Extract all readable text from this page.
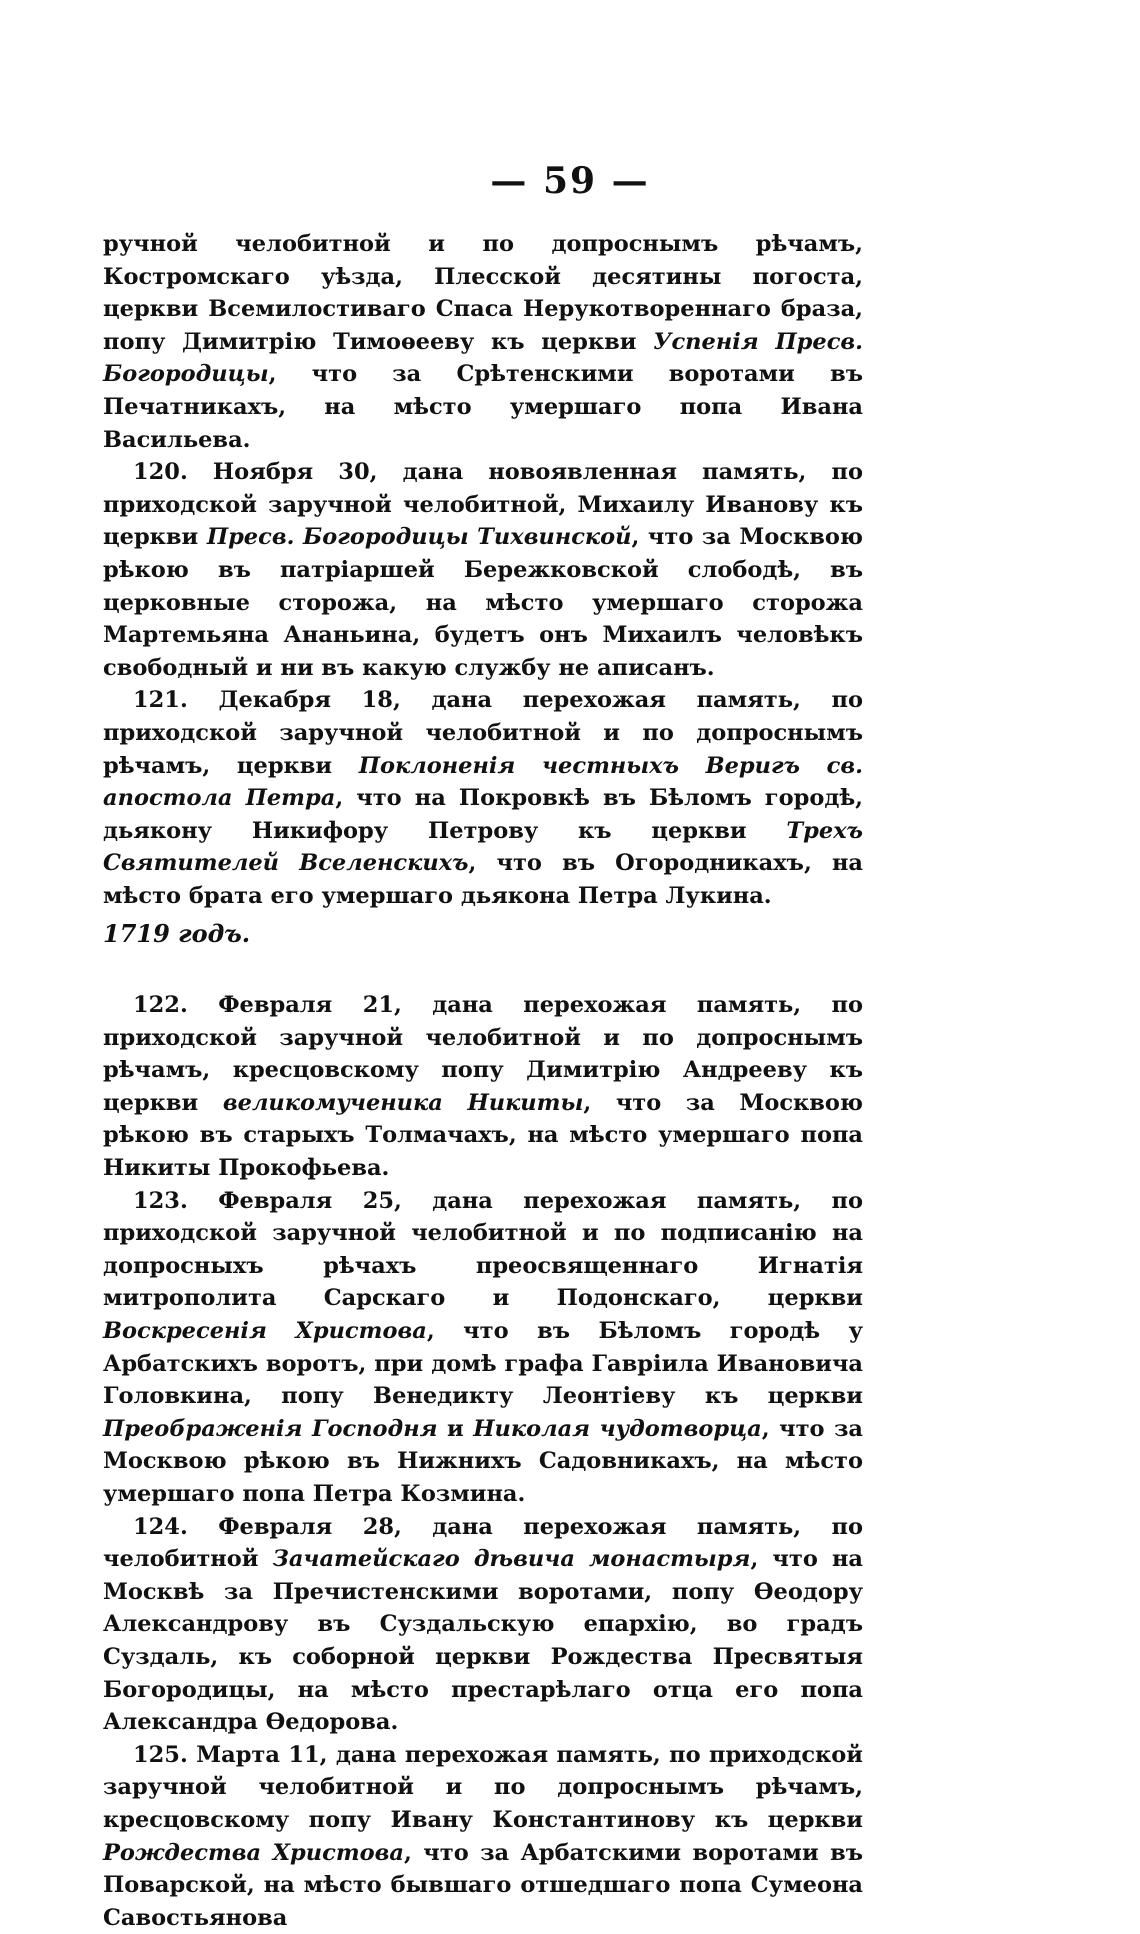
— 59 —

ручной челобитной и по допроснымъ рѣчамъ, Костромскаго уѣзда, Плесской десятины погоста, церкви Всемилостиваго Спаса Нерукотвореннаго браза, попу Димитрію Тимоѳееву къ церкви Успенія Пресв. Богородицы, что за Срѣтенскими воротами въ Печатникахъ, на мѣсто умершаго попа Ивана Васильева.

120. Ноября 30, дана новоявленная память, по приходской заручной челобитной, Михаилу Иванову къ церкви Пресв. Богородицы Тихвинской, что за Москвою рѣкою въ патріаршей Бережковской слободѣ, въ церковные сторожа, на мѣсто умершаго сторожа Мартемьяна Ананьина, будетъ онъ Михаилъ человѣкъ свободный и ни въ какую службу не аписанъ.

121. Декабря 18, дана перехожая память, по приходской заручной челобитной и по допроснымъ рѣчамъ, церкви Поклоненія честныхъ Веригъ св. апостола Петра, что на Покровкѣ въ Бѣломъ городѣ, дьякону Никифору Петрову къ церкви Трехъ Святителей Вселенскихъ, что въ Огородникахъ, на мѣсто брата его умершаго дьякона Петра Лукина.

1719 годъ.

122. Февраля 21, дана перехожая память, по приходской заручной челобитной и по допроснымъ рѣчамъ, кресцовскому попу Димитрію Андрееву къ церкви великомученика Никиты, что за Москвою рѣкою въ старыхъ Толмачахъ, на мѣсто умершаго попа Никиты Прокофьева.

123. Февраля 25, дана перехожая память, по приходской заручной челобитной и по подписанію на допросныхъ рѣчахъ преосвященнаго Игнатія митрополита Сарскаго и Подонскаго, церкви Воскресенія Христова, что въ Бѣломъ городѣ у Арбатскихъ воротъ, при домѣ графа Гавріила Ивановича Головкина, попу Венедикту Леонтіеву къ церкви Преображенія Господня и Николая чудотворца, что за Москвою рѣкою въ Нижнихъ Садовникахъ, на мѣсто умершаго попа Петра Козмина.

124. Февраля 28, дана перехожая память, по челобитной Зачатейскаго дѣвича монастыря, что на Москвѣ за Пречистенскими воротами, попу Ѳеодору Александрову въ Суздальскую епархію, во градъ Суздаль, къ соборной церкви Рождества Пресвятыя Богородицы, на мѣсто престарѣлаго отца его попа Александра Ѳедорова.

125. Марта 11, дана перехожая память, по приходской заручной челобитной и по допроснымъ рѣчамъ, кресцовскому попу Ивану Константинову къ церкви Рождества Христова, что за Арбатскими воротами въ Поварской, на мѣсто бывшаго отшедшаго попа Сумеона Савостьянова
